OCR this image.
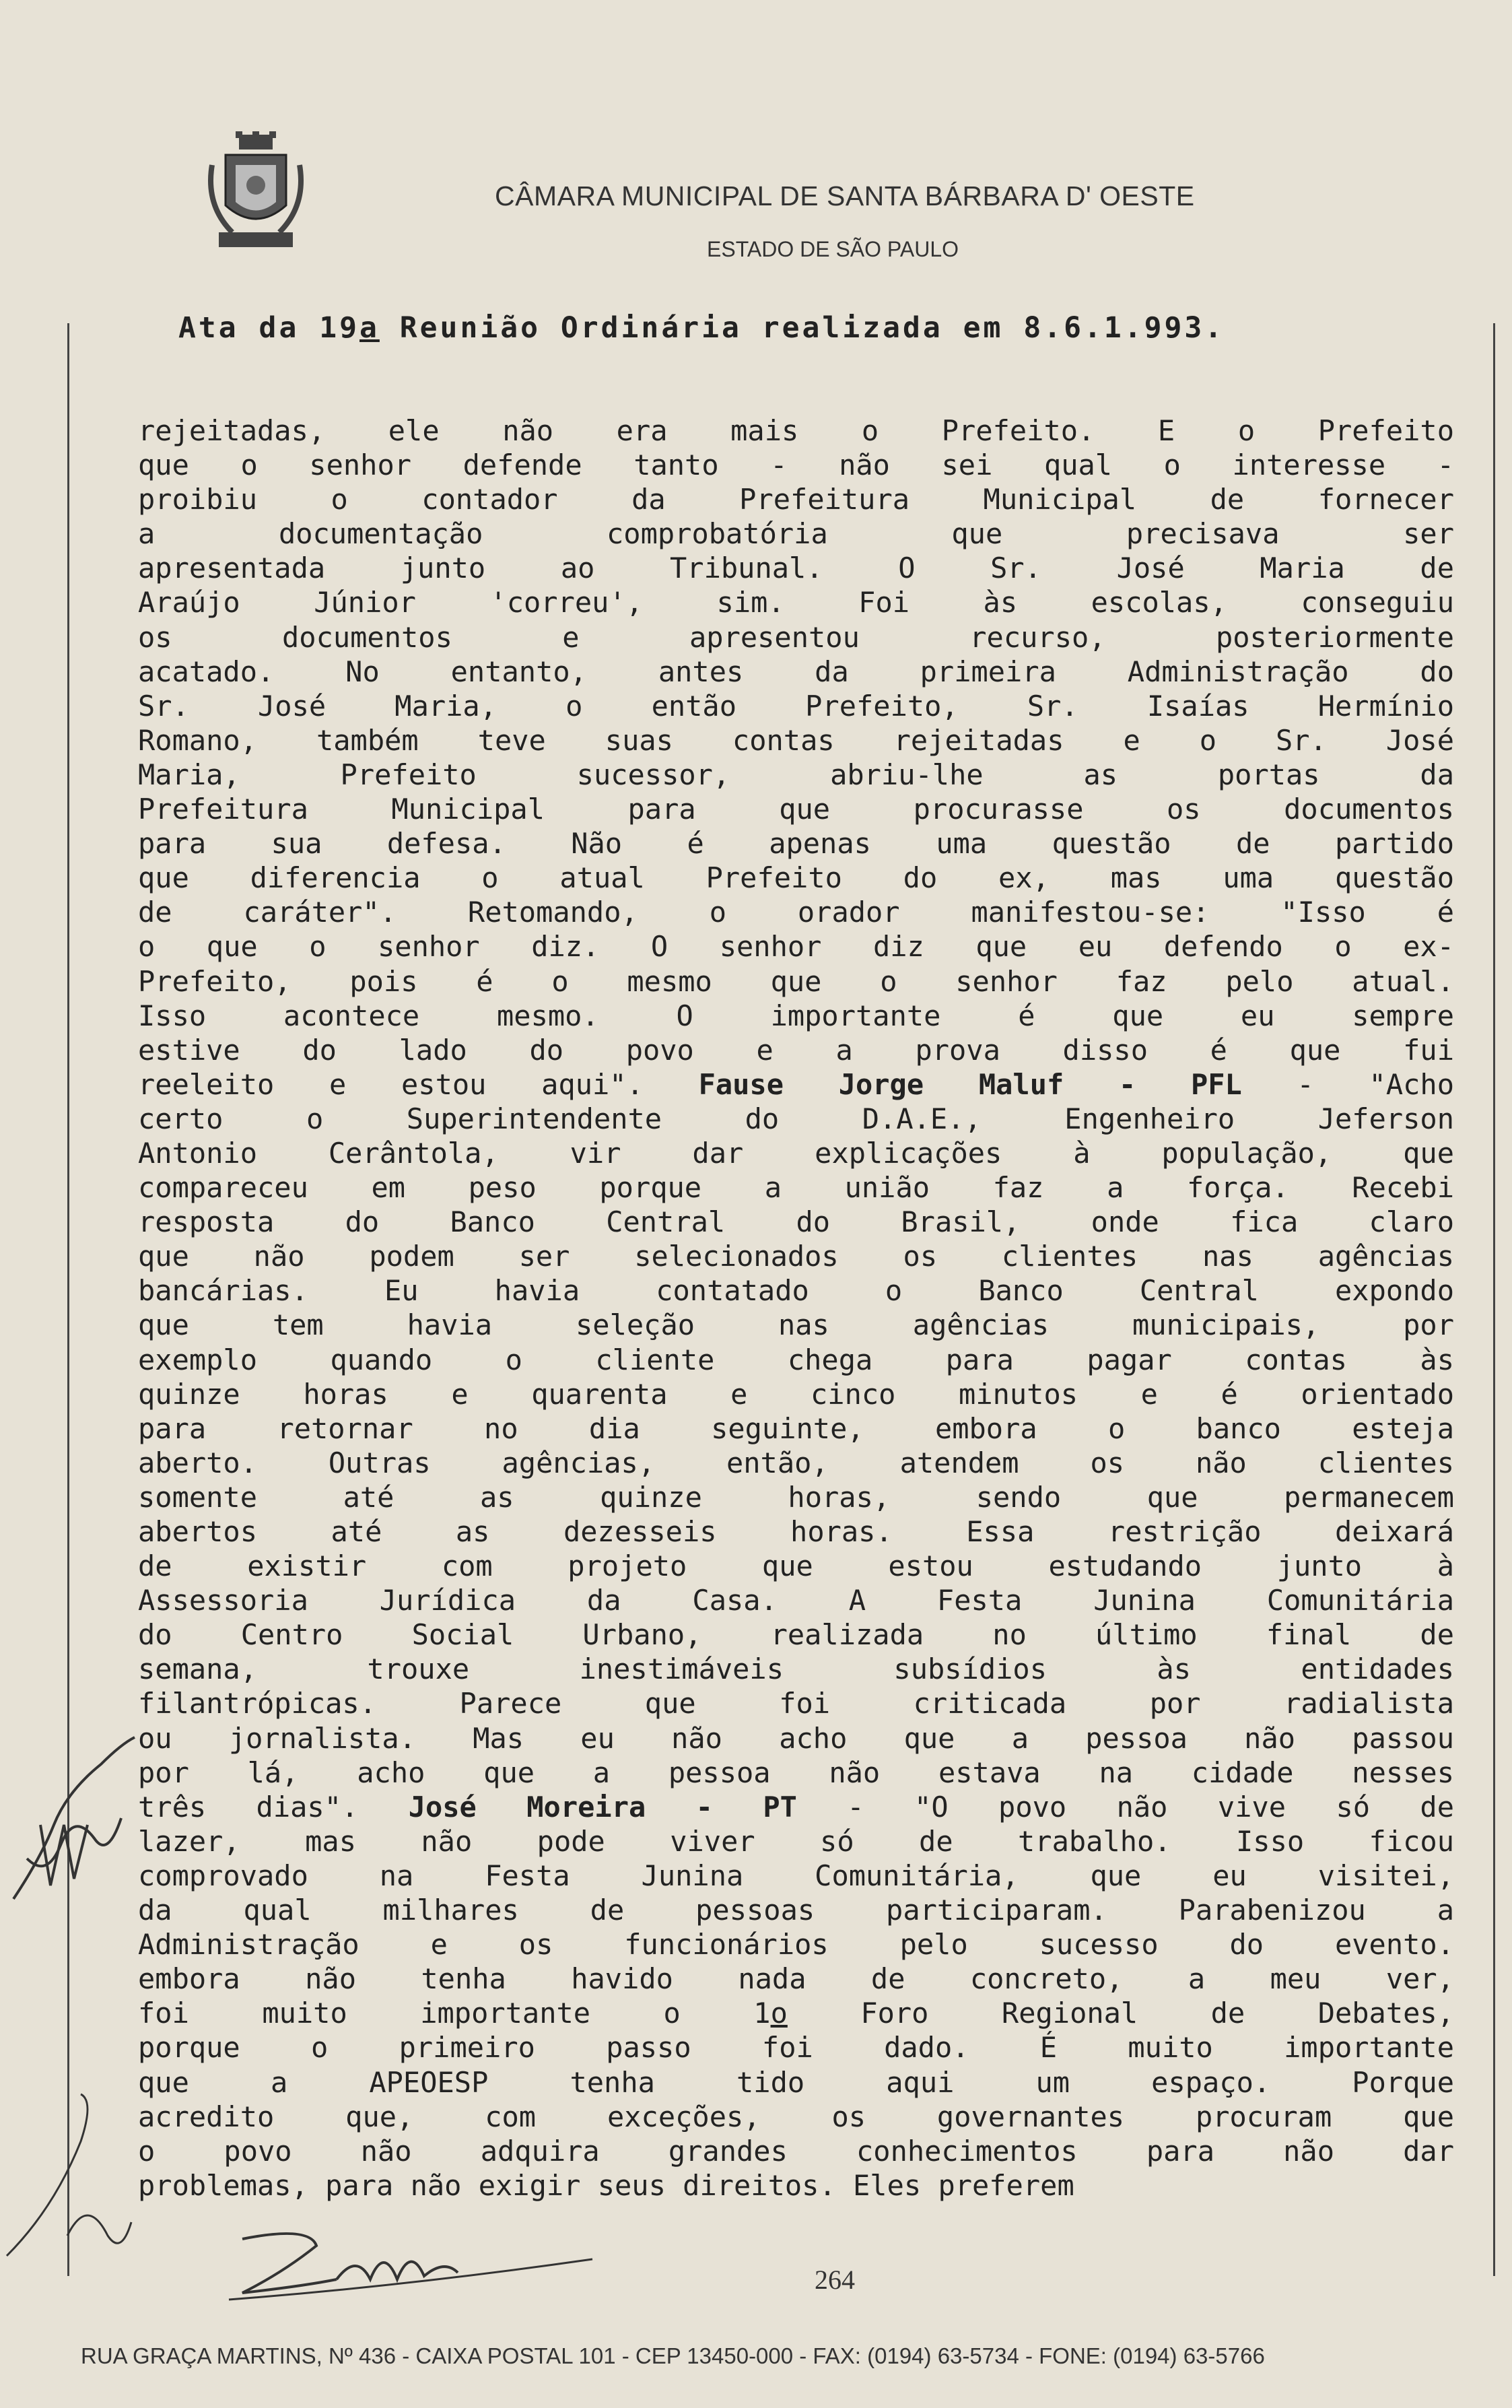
CÂMARA MUNICIPAL DE SANTA BÁRBARA D' OESTE
ESTADO DE SÃO PAULO
Ata da 19a Reunião Ordinária realizada em 8.6.1.993.
rejeitadas, ele não era mais o Prefeito. E o Prefeito
que o senhor defende tanto - não sei qual o interesse -
proibiu o contador da Prefeitura Municipal de fornecer
a documentação comprobatória que precisava ser
apresentada junto ao Tribunal. O Sr. José Maria de
Araújo Júnior 'correu', sim. Foi às escolas, conseguiu
os documentos e apresentou recurso, posteriormente
acatado. No entanto, antes da primeira Administração do
Sr. José Maria, o então Prefeito, Sr. Isaías Hermínio
Romano, também teve suas contas rejeitadas e o Sr. José
Maria, Prefeito sucessor, abriu-lhe as portas da
Prefeitura Municipal para que procurasse os documentos
para sua defesa. Não é apenas uma questão de partido
que diferencia o atual Prefeito do ex, mas uma questão
de caráter". Retomando, o orador manifestou-se: "Isso é
o que o senhor diz. O senhor diz que eu defendo o ex-
Prefeito, pois é o mesmo que o senhor faz pelo atual.
Isso acontece mesmo. O importante é que eu sempre
estive do lado do povo e a prova disso é que fui
reeleito e estou aqui". Fause Jorge Maluf - PFL - "Acho
certo o Superintendente do D.A.E., Engenheiro Jeferson
Antonio Cerântola, vir dar explicações à população, que
compareceu em peso porque a união faz a força. Recebi
resposta do Banco Central do Brasil, onde fica claro
que não podem ser selecionados os clientes nas agências
bancárias. Eu havia contatado o Banco Central expondo
que tem havia seleção nas agências municipais, por
exemplo quando o cliente chega para pagar contas às
quinze horas e quarenta e cinco minutos e é orientado
para retornar no dia seguinte, embora o banco esteja
aberto. Outras agências, então, atendem os não clientes
somente até as quinze horas, sendo que permanecem
abertos até as dezesseis horas. Essa restrição deixará
de existir com projeto que estou estudando junto à
Assessoria Jurídica da Casa. A Festa Junina Comunitária
do Centro Social Urbano, realizada no último final de
semana, trouxe inestimáveis subsídios às entidades
filantrópicas. Parece que foi criticada por radialista
ou jornalista. Mas eu não acho que a pessoa não passou
por lá, acho que a pessoa não estava na cidade nesses
três dias". José Moreira - PT - "O povo não vive só de
lazer, mas não pode viver só de trabalho. Isso ficou
comprovado na Festa Junina Comunitária, que eu visitei,
da qual milhares de pessoas participaram. Parabenizou a
Administração e os funcionários pelo sucesso do evento.
embora não tenha havido nada de concreto, a meu ver,
foi muito importante o 1o Foro Regional de Debates,
porque o primeiro passo foi dado. É muito importante
que a APEOESP tenha tido aqui um espaço. Porque
acredito que, com exceções, os governantes procuram que
o povo não adquira grandes conhecimentos para não dar
problemas, para não exigir seus direitos. Eles preferem
264
RUA GRAÇA MARTINS, Nº 436 - CAIXA POSTAL 101 - CEP 13450-000 - FAX: (0194) 63-5734 - FONE: (0194) 63-5766
